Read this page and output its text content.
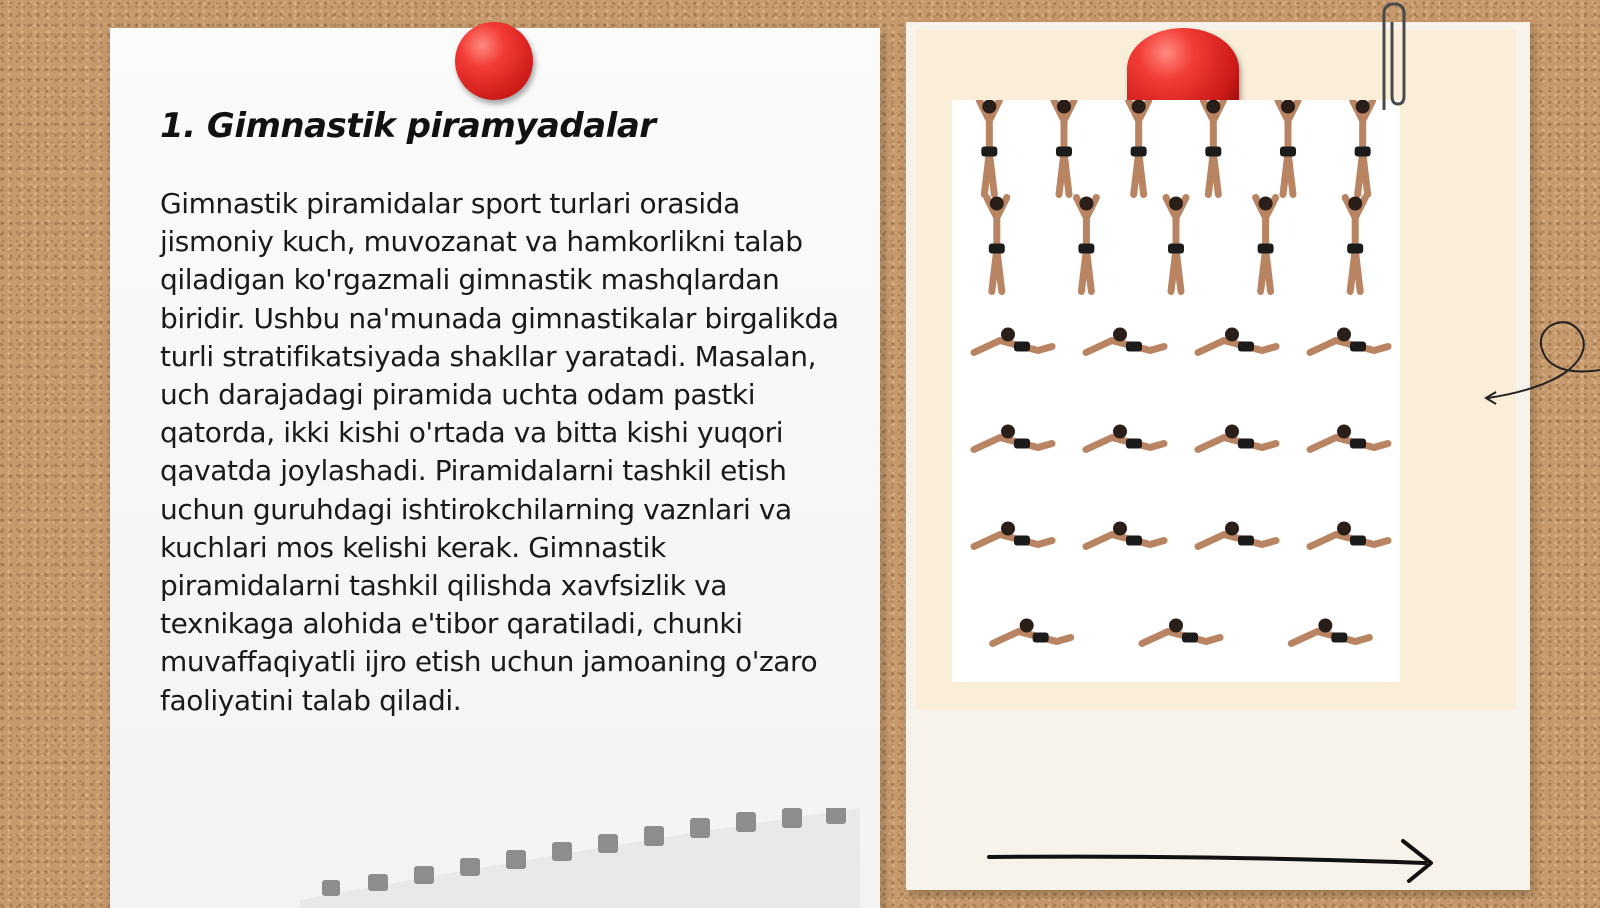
1. Gimnastik piramyadalar

Gimnastik piramidalar sport turlari orasida jismoniy kuch, muvozanat va hamkorlikni talab qiladigan ko'rgazmali gimnastik mashqlardan biridir. Ushbu na'munada gimnastikalar birgalikda turli stratifikatsiyada shakllar yaratadi. Masalan, uch darajadagi piramida uchta odam pastki qatorda, ikki kishi o'rtada va bitta kishi yuqori qavatda joylashadi. Piramidalarni tashkil etish uchun guruhdagi ishtirokchilarning vaznlari va kuchlari mos kelishi kerak. Gimnastik piramidalarni tashkil qilishda xavfsizlik va texnikaga alohida e'tibor qaratiladi, chunki muvaffaqiyatli ijro etish uchun jamoaning o'zaro faoliyatini talab qiladi.
